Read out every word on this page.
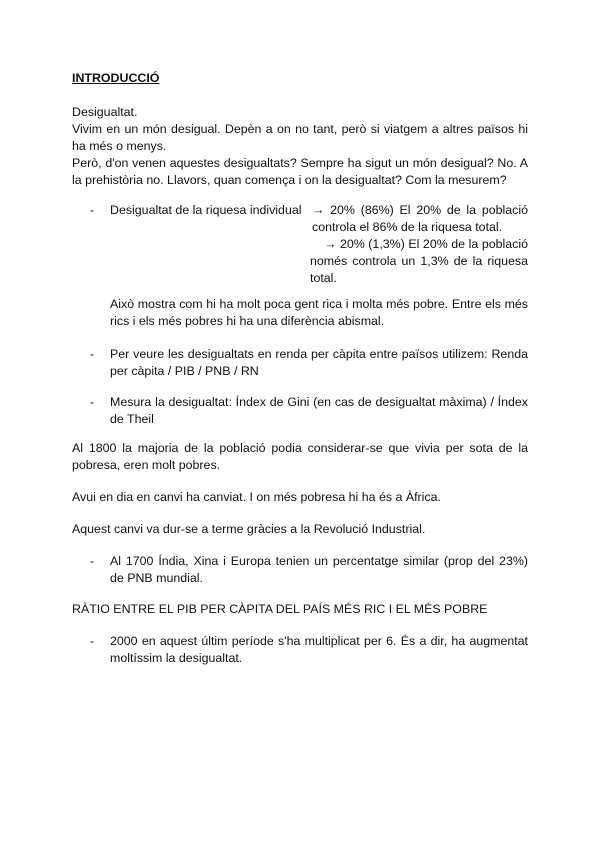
INTRODUCCIÓ

Desigualtat.

Vivim en un món desigual. Depèn a on no tant, però si viatgem a altres països hi ha més o menys.

Però, d'on venen aquestes desigualtats? Sempre ha sigut un món desigual? No. A la prehistòria no. Llavors, quan comença i on la desigualtat? Com la mesurem?

- Desigualtat de la riquesa individual → 20% (86%) El 20% de la població controla el 86% de la riquesa total.
→ 20% (1,3%) El 20% de la població només controla un 1,3% de la riquesa total.

Això mostra com hi ha molt poca gent rica i molta més pobre. Entre els més rics i els més pobres hi ha una diferència abismal.

- Per veure les desigualtats en renda per càpita entre països utilizem: Renda per càpita / PIB / PNB / RN

- Mesura la desigualtat: Índex de Gini (en cas de desigualtat màxima) / Índex de Theil

Al 1800 la majoria de la població podia considerar-se que vivia per sota de la pobresa, eren molt pobres.

Avui en dia en canvi ha canviat. I on més pobresa hi ha és a Àfrica.

Aquest canvi va dur-se a terme gràcies a la Revolució Industrial.

- Al 1700 Índia, Xina i Europa tenien un percentatge similar (prop del 23%) de PNB mundial.

RÀTIO ENTRE EL PIB PER CÀPITA DEL PAÍS MÉS RIC I EL MÉS POBRE

- 2000 en aquest últim període s'ha multiplicat per 6. És a dir, ha augmentat moltíssim la desigualtat.
